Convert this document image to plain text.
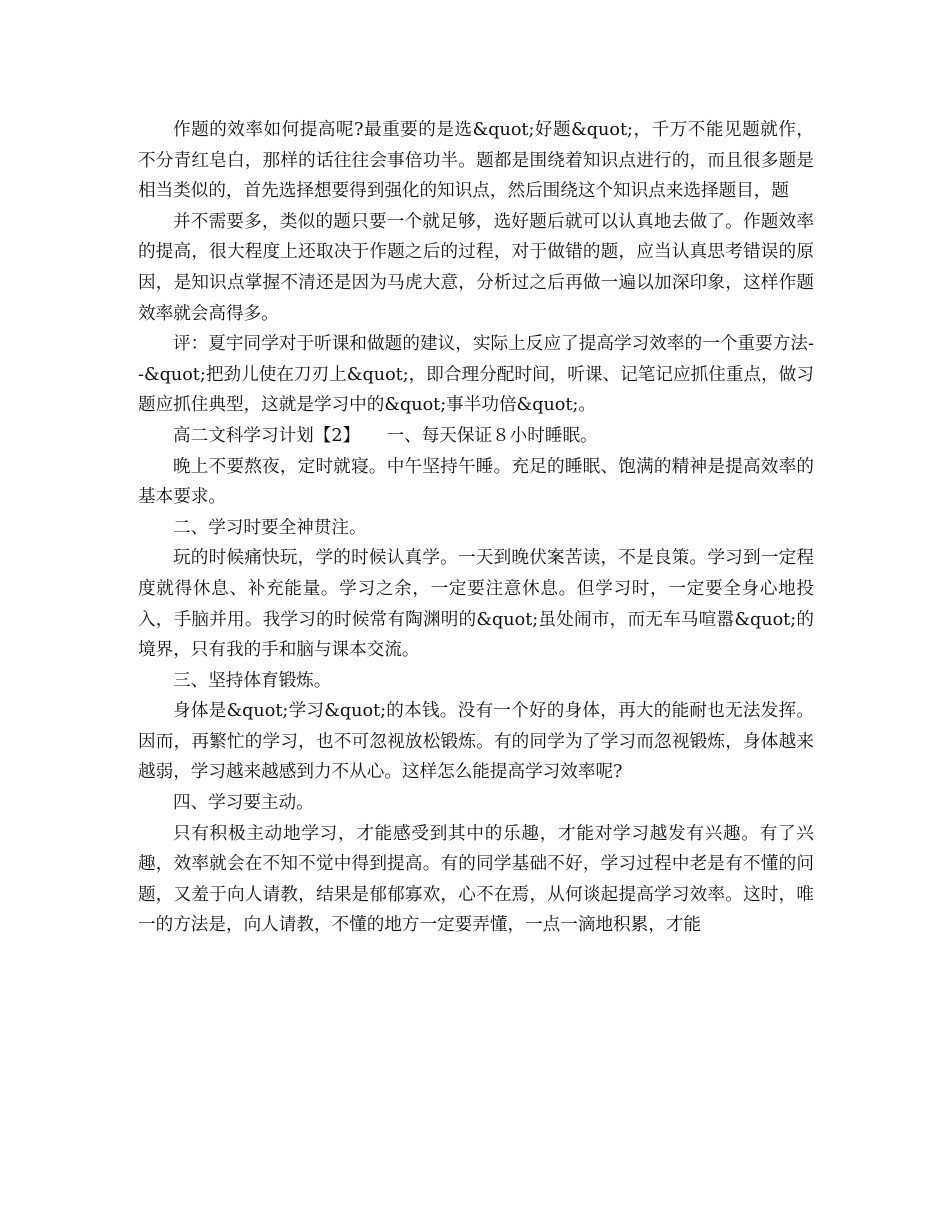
作题的效率如何提高呢?最重要的是选&quot;好题&quot;，千万不能见题就作，不分青红皂白，那样的话往往会事倍功半。题都是围绕着知识点进行的，而且很多题是相当类似的，首先选择想要得到强化的知识点，然后围绕这个知识点来选择题目，题

并不需要多，类似的题只要一个就足够，选好题后就可以认真地去做了。作题效率的提高，很大程度上还取决于作题之后的过程，对于做错的题，应当认真思考错误的原因，是知识点掌握不清还是因为马虎大意，分析过之后再做一遍以加深印象，这样作题效率就会高得多。

评：夏宇同学对于听课和做题的建议，实际上反应了提高学习效率的一个重要方法--&quot;把劲儿使在刀刃上&quot;，即合理分配时间，听课、记笔记应抓住重点，做习题应抓住典型，这就是学习中的&quot;事半功倍&quot;。

高二文科学习计划【2】　　一、每天保证８小时睡眠。

晚上不要熬夜，定时就寝。中午坚持午睡。充足的睡眠、饱满的精神是提高效率的基本要求。

二、学习时要全神贯注。

玩的时候痛快玩，学的时候认真学。一天到晚伏案苦读，不是良策。学习到一定程度就得休息、补充能量。学习之余，一定要注意休息。但学习时，一定要全身心地投入，手脑并用。我学习的时候常有陶渊明的&quot;虽处闹市，而无车马喧嚣&quot;的境界，只有我的手和脑与课本交流。

三、坚持体育锻炼。

身体是&quot;学习&quot;的本钱。没有一个好的身体，再大的能耐也无法发挥。因而，再繁忙的学习，也不可忽视放松锻炼。有的同学为了学习而忽视锻炼，身体越来越弱，学习越来越感到力不从心。这样怎么能提高学习效率呢?

四、学习要主动。

只有积极主动地学习，才能感受到其中的乐趣，才能对学习越发有兴趣。有了兴趣，效率就会在不知不觉中得到提高。有的同学基础不好，学习过程中老是有不懂的问题，又羞于向人请教，结果是郁郁寡欢，心不在焉，从何谈起提高学习效率。这时，唯一的方法是，向人请教，不懂的地方一定要弄懂，一点一滴地积累，才能
